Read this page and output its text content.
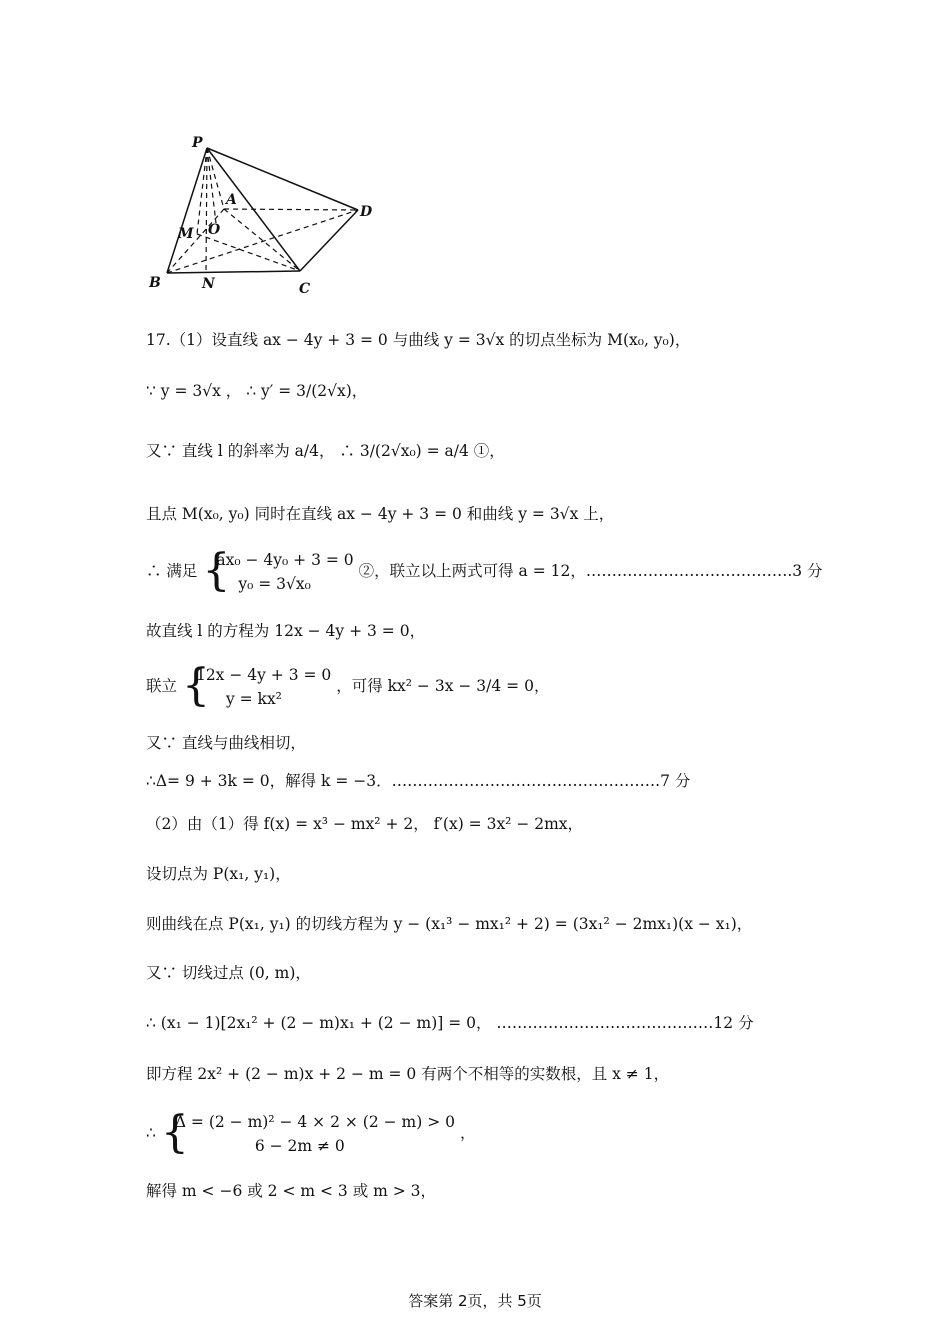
P
A
D
M O
B	N	C
17.（1）设直线 ax − 4y + 3 = 0 与曲线 y = 3√x 的切点坐标为 M(x₀, y₀)，
∵ y = 3√x ， ∴ y′ = 3/(2√x)，
又∵ 直线 l 的斜率为 a/4， ∴ 3/(2√x₀) = a/4 ①，
且点 M(x₀, y₀) 同时在直线 ax − 4y + 3 = 0 和曲线 y = 3√x 上，
∴ 满足 {
ax₀ − 4y₀ + 3 = 0
y₀ = 3√x₀
②，联立以上两式可得 a = 12，………………………………….3 分
故直线 l 的方程为 12x − 4y + 3 = 0，
联立 {
12x − 4y + 3 = 0
y = kx²
，可得 kx² − 3x − 3/4 = 0，
又∵ 直线与曲线相切，
∴Δ= 9 + 3k = 0，解得 k = −3．…………………………………………….7 分
（2）由（1）得 f(x) = x³ − mx² + 2， f′(x) = 3x² − 2mx，
设切点为 P(x₁, y₁)，
则曲线在点 P(x₁, y₁) 的切线方程为 y − (x₁³ − mx₁² + 2) = (3x₁² − 2mx₁)(x − x₁)，
又∵ 切线过点 (0, m)，
∴ (x₁ − 1)[2x₁² + (2 − m)x₁ + (2 − m)] = 0， ……………………………………12 分
即方程 2x² + (2 − m)x + 2 − m = 0 有两个不相等的实数根，且 x ≠ 1，
∴ {
Δ = (2 − m)² − 4 × 2 × (2 − m) > 0
6 − 2m ≠ 0
，
解得 m < −6 或 2 < m < 3 或 m > 3，
答案第 2页，共 5页
